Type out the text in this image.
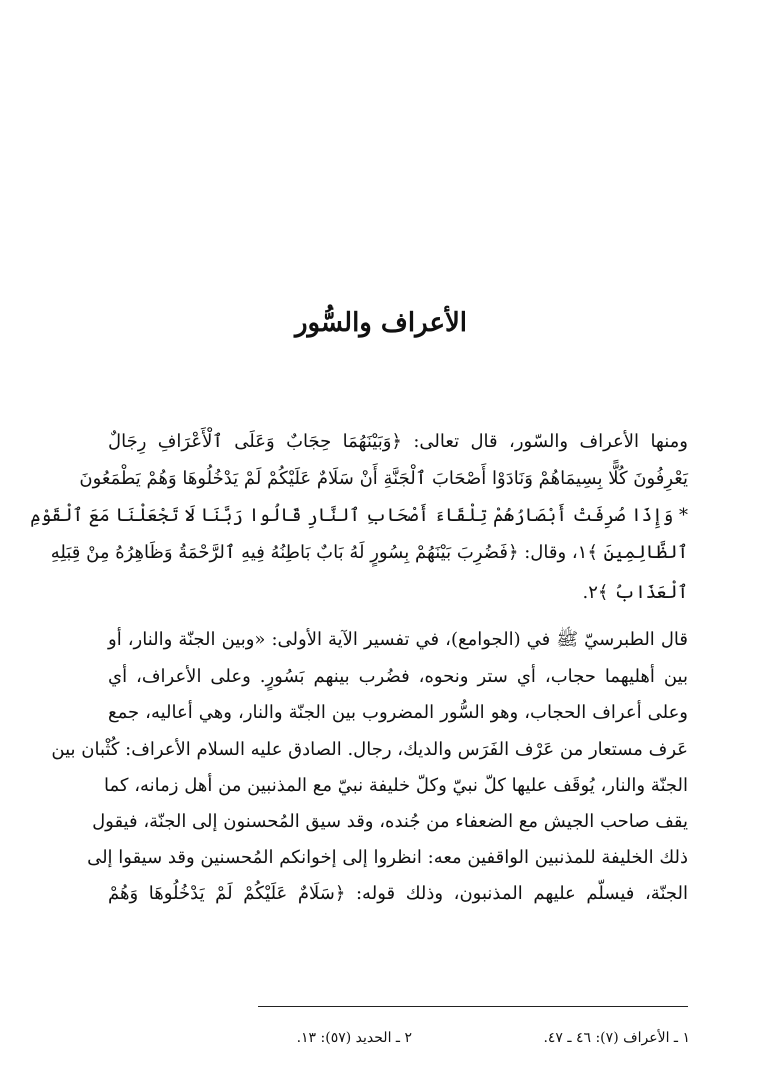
الأعراف والسُّور
ومنها الأعراف والسّور، قال تعالى: ﴿وَبَيْنَهُمَا حِجَابٌ وَعَلَى ٱلْأَعْرَافِ رِجَالٌ
يَعْرِفُونَ كُلًّا بِسِيمَاهُمْ وَنَادَوْا أَصْحَابَ ٱلْجَنَّةِ أَنْ سَلَامٌ عَلَيْكُمْ لَمْ يَدْخُلُوهَا وَهُمْ يَطْمَعُونَ
* وَإِذَا صُرِفَتْ أَبْصَارُهُمْ تِلْقَاءَ أَصْحَابِ ٱلنَّارِ قَالُوا رَبَّنَا لَا تَجْعَلْنَا مَعَ ٱلْقَوْمِ
ٱلظَّالِمِينَ ﴾١، وقال: ﴿فَضُرِبَ بَيْنَهُمْ بِسُورٍ لَهُ بَابٌ بَاطِنُهُ فِيهِ ٱلرَّحْمَةُ وَظَاهِرُهُ مِنْ قِبَلِهِ
ٱلْعَذَابُ ﴾٢.
قال الطبرسيّ ﷺ في (الجوامع)، في تفسير الآية الأولى: «وبين الجنّة والنار، أو
بين أهليهما حجاب، أي ستر ونحوه، فضُرب بينهم بَسُورٍ. وعلى الأعراف، أي
وعلى أعراف الحجاب، وهو السُّور المضروب بين الجنّة والنار، وهي أعاليه، جمع
عَرف مستعار من عَرْف الفَرَس والديك، رجال. الصادق عليه السلام الأعراف: كُثْبان بين
الجنّة والنار، يُوقَف عليها كلّ نبيّ وكلّ خليفة نبيّ مع المذنبين من أهل زمانه، كما
يقف صاحب الجيش مع الضعفاء من جُنده، وقد سيق المُحسنون إلى الجنّة، فيقول
ذلك الخليفة للمذنبين الواقفين معه: انظروا إلى إخوانكم المُحسنين وقد سيقوا إلى
الجنّة، فيسلّم عليهم المذنبون، وذلك قوله: ﴿سَلَامٌ عَلَيْكُمْ لَمْ يَدْخُلُوهَا وَهُمْ
١ ـ الأعراف (٧): ٤٦ ـ ٤٧.
٢ ـ الحديد (٥٧): ١٣.
